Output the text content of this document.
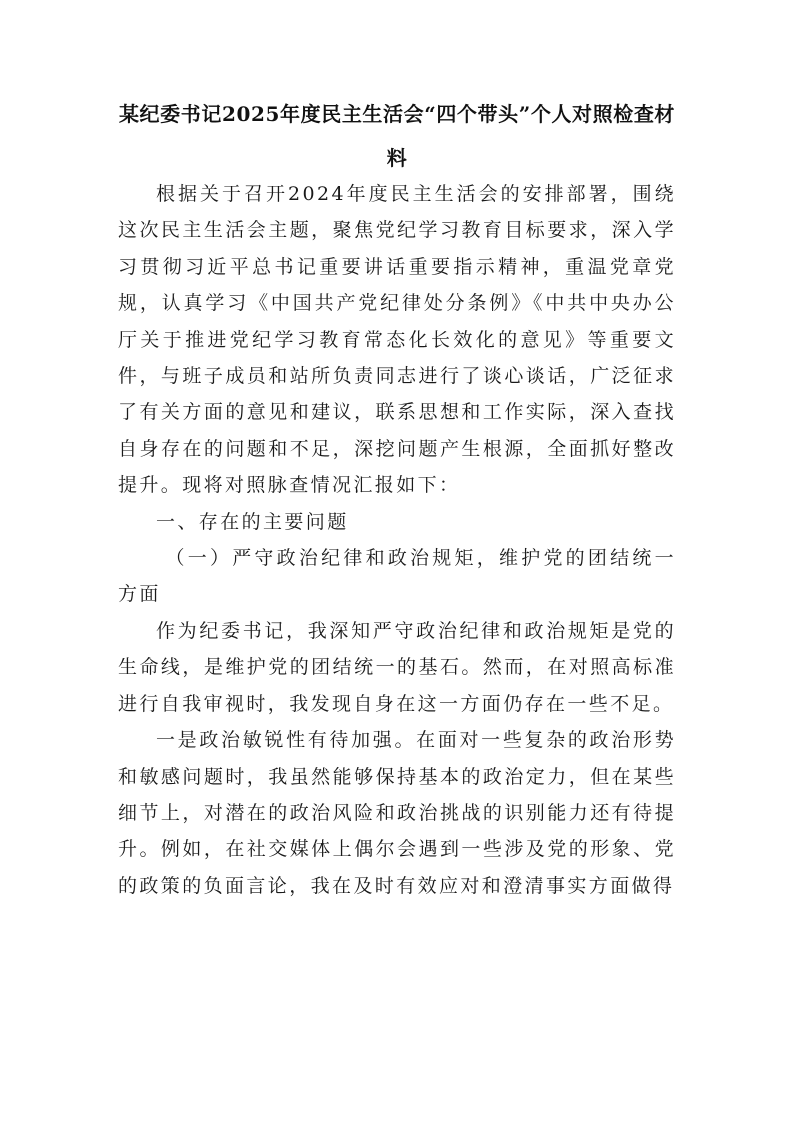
某纪委书记2025年度民主生活会“四个带头”个人对照检查材料

根据关于召开2024年度民主生活会的安排部署，围绕这次民主生活会主题，聚焦党纪学习教育目标要求，深入学习贯彻习近平总书记重要讲话重要指示精神，重温党章党规，认真学习《中国共产党纪律处分条例》《中共中央办公厅关于推进党纪学习教育常态化长效化的意见》等重要文件，与班子成员和站所负责同志进行了谈心谈话，广泛征求了有关方面的意见和建议，联系思想和工作实际，深入查找自身存在的问题和不足，深挖问题产生根源，全面抓好整改提升。现将对照脉查情况汇报如下：

一、存在的主要问题

（一）严守政治纪律和政治规矩，维护党的团结统一方面

作为纪委书记，我深知严守政治纪律和政治规矩是党的生命线，是维护党的团结统一的基石。然而，在对照高标准进行自我审视时，我发现自身在这一方面仍存在一些不足。

一是政治敏锐性有待加强。在面对一些复杂的政治形势和敏感问题时，我虽然能够保持基本的政治定力，但在某些细节上，对潜在的政治风险和政治挑战的识别能力还有待提升。例如，在社交媒体上偶尔会遇到一些涉及党的形象、党的政策的负面言论，我在及时有效应对和澄清事实方面做得
